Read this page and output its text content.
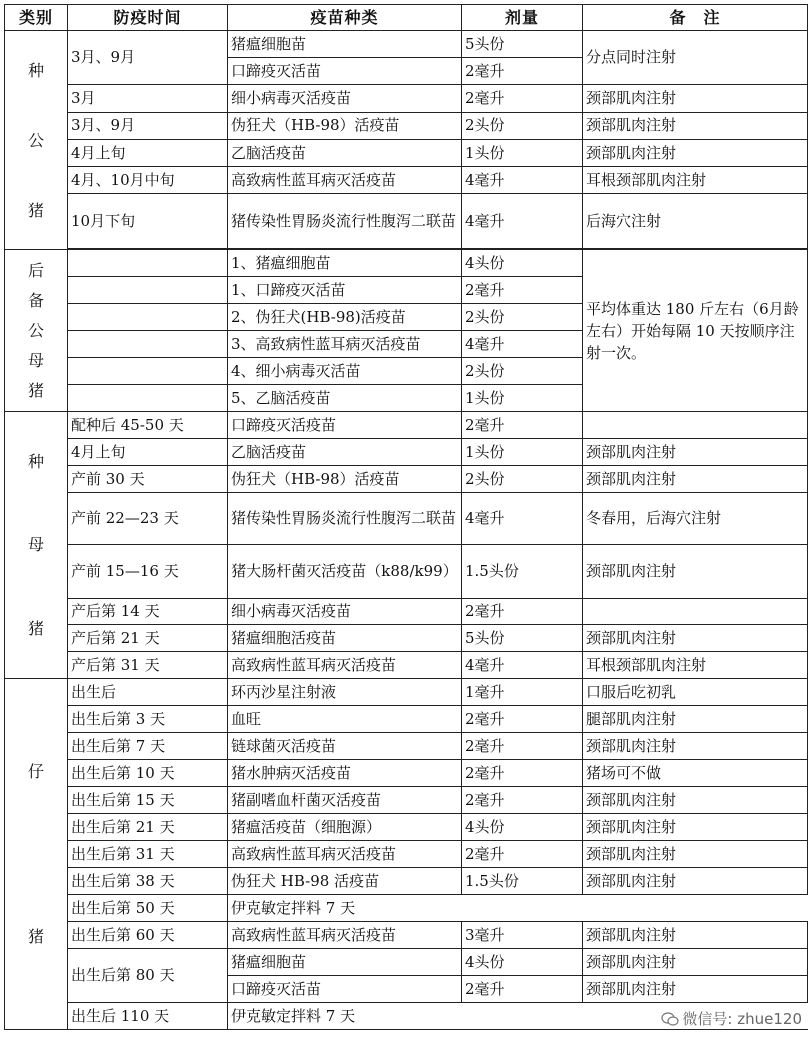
类别	防疫时间	疫苗种类	剂量	备　注

种
公
猪	3月、9月	猪瘟细胞苗	5头份	分点同时注射
		口蹄疫灭活苗	2毫升	
	3月	细小病毒灭活疫苗	2毫升	颈部肌肉注射
	3月、9月	伪狂犬（HB-98）活疫苗	2头份	颈部肌肉注射
	4月上旬	乙脑活疫苗	1头份	颈部肌肉注射
	4月、10月中旬	高致病性蓝耳病灭活疫苗	4毫升	耳根颈部肌肉注射
	10月下旬	猪传染性胃肠炎流行性腹泻二联苗	4毫升	后海穴注射

后
备
公
母
猪		1、猪瘟细胞苗	4头份	平均体重达 180 斤左右（6月龄左右）开始每隔 10 天按顺序注射一次。
		1、口蹄疫灭活苗	2毫升	
		2、伪狂犬(HB-98)活疫苗	2头份	
		3、高致病性蓝耳病灭活疫苗	4毫升	
		4、细小病毒灭活苗	2头份	
		5、乙脑活疫苗	1头份	

种
母
猪	配种后 45-50 天	口蹄疫灭活疫苗	2毫升	
	4月上旬	乙脑活疫苗	1头份	颈部肌肉注射
	产前 30 天	伪狂犬（HB-98）活疫苗	2头份	颈部肌肉注射
	产前 22—23 天	猪传染性胃肠炎流行性腹泻二联苗	4毫升	冬春用，后海穴注射
	产前 15—16 天	猪大肠杆菌灭活疫苗（k88/k99）	1.5头份	颈部肌肉注射
	产后第 14 天	细小病毒灭活疫苗	2毫升	
	产后第 21 天	猪瘟细胞活疫苗	5头份	颈部肌肉注射
	产后第 31 天	高致病性蓝耳病灭活疫苗	4毫升	耳根颈部肌肉注射

仔
猪	出生后	环丙沙星注射液	1毫升	口服后吃初乳
	出生后第 3 天	血旺	2毫升	腿部肌肉注射
	出生后第 7 天	链球菌灭活疫苗	2毫升	颈部肌肉注射
	出生后第 10 天	猪水肿病灭活疫苗	2毫升	猪场可不做
	出生后第 15 天	猪副嗜血杆菌灭活疫苗	2毫升	颈部肌肉注射
	出生后第 21 天	猪瘟活疫苗（细胞源）	4头份	颈部肌肉注射
	出生后第 31 天	高致病性蓝耳病灭活疫苗	2毫升	颈部肌肉注射
	出生后第 38 天	伪狂犬 HB-98 活疫苗	1.5头份	颈部肌肉注射
	出生后第 50 天	伊克敏定拌料 7 天		
	出生后第 60 天	高致病性蓝耳病灭活疫苗	3毫升	颈部肌肉注射
	出生后第 80 天	猪瘟细胞苗	4头份	颈部肌肉注射
		口蹄疫灭活苗	2毫升	颈部肌肉注射
	出生后 110 天	伊克敏定拌料 7 天			微信号: zhue120
